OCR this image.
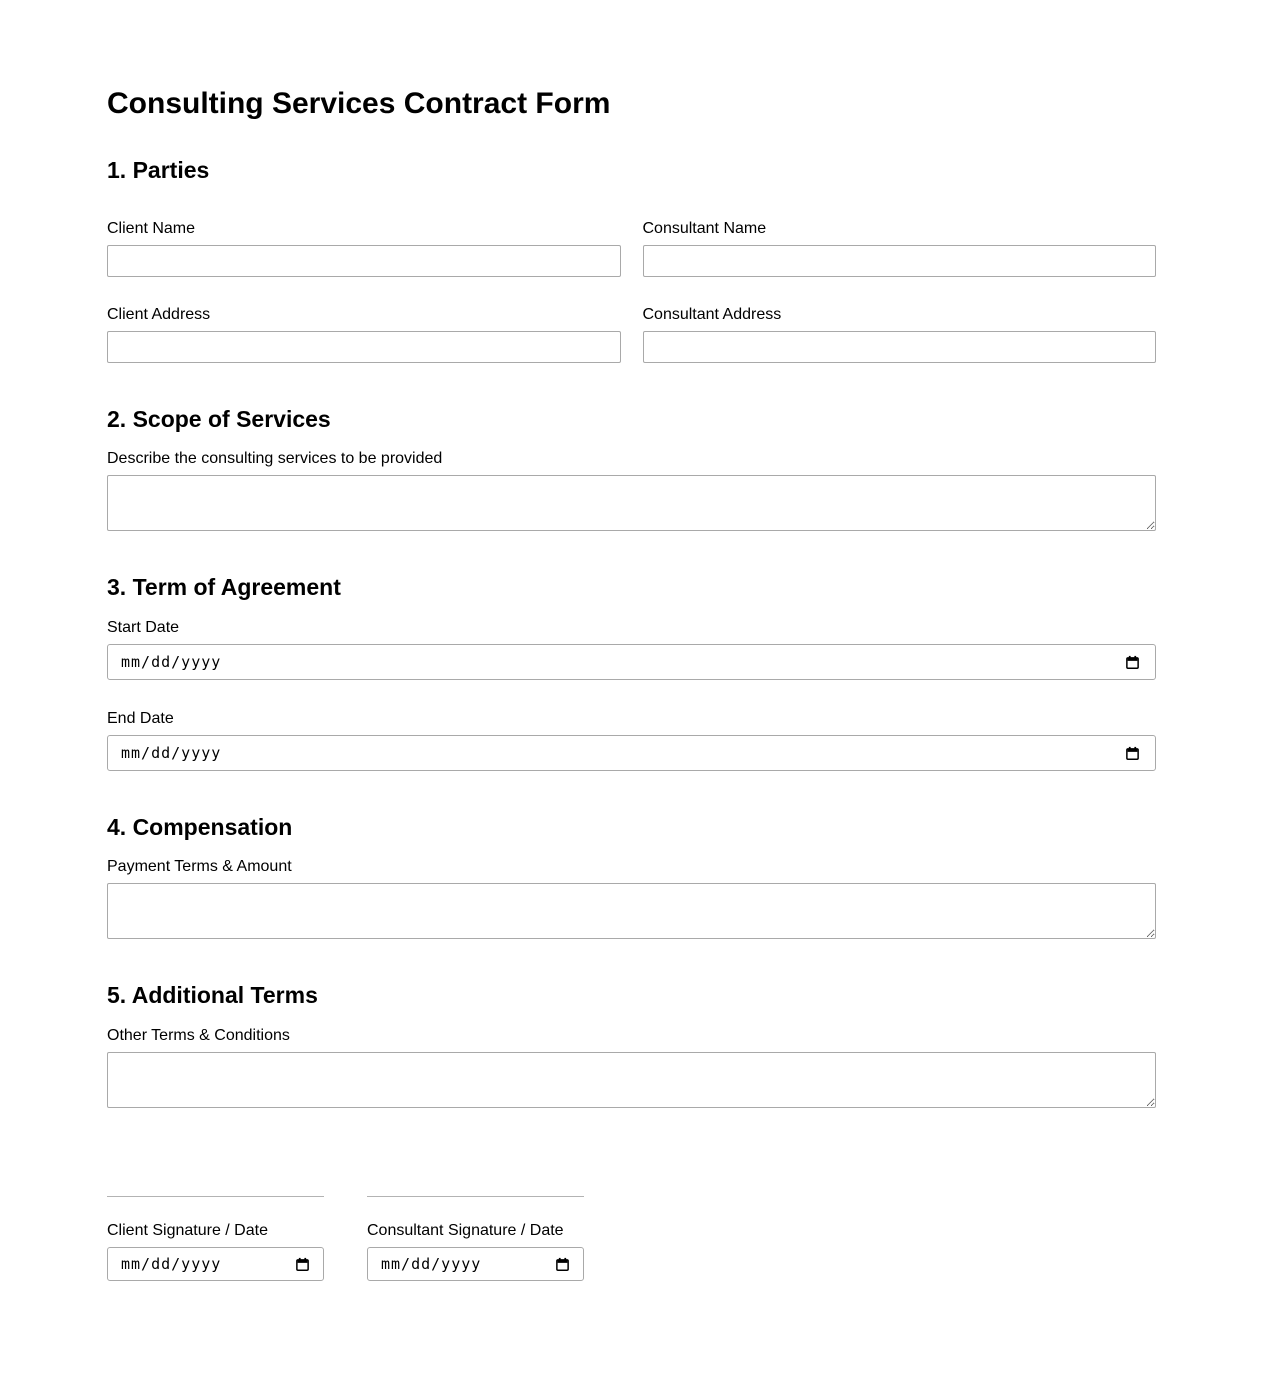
Consulting Services Contract Form
1. Parties
Client Name	Consultant Name
Client Address	Consultant Address
2. Scope of Services
Describe the consulting services to be provided
3. Term of Agreement
Start Date
mm/dd/yyyy
End Date
mm/dd/yyyy
4. Compensation
Payment Terms & Amount
5. Additional Terms
Other Terms & Conditions
Client Signature / Date
mm/dd/yyyy
Consultant Signature / Date
mm/dd/yyyy
